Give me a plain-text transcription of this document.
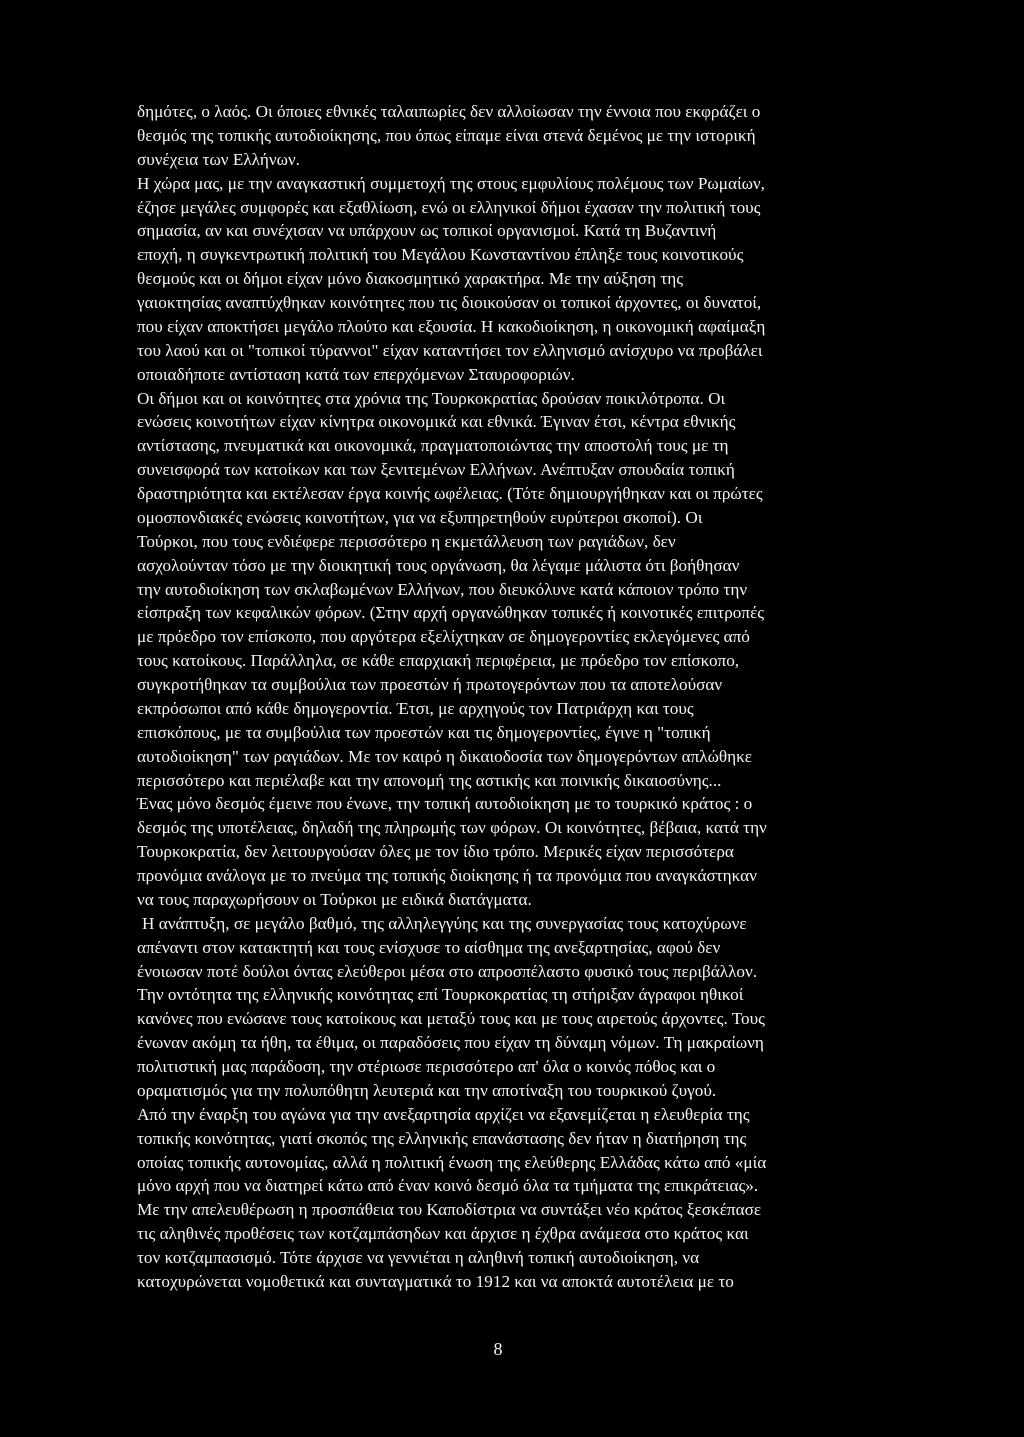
δημότες, ο λαός. Οι όποιες εθνικές ταλαιπωρίες δεν αλλοίωσαν την έννοια που εκφράζει ο
θεσμός της τοπικής αυτοδιοίκησης, που όπως είπαμε είναι στενά δεμένος με την ιστορική
συνέχεια των Ελλήνων.
Η χώρα μας, με την αναγκαστική συμμετοχή της στους εμφυλίους πολέμους των Ρωμαίων,
έζησε μεγάλες συμφορές και εξαθλίωση, ενώ οι ελληνικοί δήμοι έχασαν την πολιτική τους
σημασία, αν και συνέχισαν να υπάρχουν ως τοπικοί οργανισμοί. Κατά τη Βυζαντινή
εποχή, η συγκεντρωτική πολιτική του Μεγάλου Κωνσταντίνου έπληξε τους κοινοτικούς
θεσμούς και οι δήμοι είχαν μόνο διακοσμητικό χαρακτήρα. Με την αύξηση της
γαιοκτησίας αναπτύχθηκαν κοινότητες που τις διοικούσαν οι τοπικοί άρχοντες, οι δυνατοί,
που είχαν αποκτήσει μεγάλο πλούτο και εξουσία. Η κακοδιοίκηση, η οικονομική αφαίμαξη
του λαού και οι "τοπικοί τύραννοι" είχαν καταντήσει τον ελληνισμό ανίσχυρο να προβάλει
οποιαδήποτε αντίσταση κατά των επερχόμενων Σταυροφοριών.
Οι δήμοι και οι κοινότητες στα χρόνια της Τουρκοκρατίας δρούσαν ποικιλότροπα. Οι
ενώσεις κοινοτήτων είχαν κίνητρα οικονομικά και εθνικά. Έγιναν έτσι, κέντρα εθνικής
αντίστασης, πνευματικά και οικονομικά, πραγματοποιώντας την αποστολή τους με τη
συνεισφορά των κατοίκων και των ξενιτεμένων Ελλήνων. Ανέπτυξαν σπουδαία τοπική
δραστηριότητα και εκτέλεσαν έργα κοινής ωφέλειας. (Τότε δημιουργήθηκαν και οι πρώτες
ομοσπονδιακές ενώσεις κοινοτήτων, για να εξυπηρετηθούν ευρύτεροι σκοποί). Οι
Τούρκοι, που τους ενδιέφερε περισσότερο η εκμετάλλευση των ραγιάδων, δεν
ασχολούνταν τόσο με την διοικητική τους οργάνωση, θα λέγαμε μάλιστα ότι βοήθησαν
την αυτοδιοίκηση των σκλαβωμένων Ελλήνων, που διευκόλυνε κατά κάποιον τρόπο την
είσπραξη των κεφαλικών φόρων. (Στην αρχή οργανώθηκαν τοπικές ή κοινοτικές επιτροπές
με πρόεδρο τον επίσκοπο, που αργότερα εξελίχτηκαν σε δημογεροντίες εκλεγόμενες από
τους κατοίκους. Παράλληλα, σε κάθε επαρχιακή περιφέρεια, με πρόεδρο τον επίσκοπο,
συγκροτήθηκαν τα συμβούλια των προεστών ή πρωτογερόντων που τα αποτελούσαν
εκπρόσωποι από κάθε δημογεροντία. Έτσι, με αρχηγούς τον Πατριάρχη και τους
επισκόπους, με τα συμβούλια των προεστών και τις δημογεροντίες, έγινε η "τοπική
αυτοδιοίκηση" των ραγιάδων. Με τον καιρό η δικαιοδοσία των δημογερόντων απλώθηκε
περισσότερο και περιέλαβε και την απονομή της αστικής και ποινικής δικαιοσύνης...
Ένας μόνο δεσμός έμεινε που ένωνε, την τοπική αυτοδιοίκηση με το τουρκικό κράτος : ο
δεσμός της υποτέλειας, δηλαδή της πληρωμής των φόρων. Οι κοινότητες, βέβαια, κατά την
Τουρκοκρατία, δεν λειτουργούσαν όλες με τον ίδιο τρόπο. Μερικές είχαν περισσότερα
προνόμια ανάλογα με το πνεύμα της τοπικής διοίκησης ή τα προνόμια που αναγκάστηκαν
να τους παραχωρήσουν οι Τούρκοι με ειδικά διατάγματα.
Η ανάπτυξη, σε μεγάλο βαθμό, της αλληλεγγύης και της συνεργασίας τους κατοχύρωνε
απέναντι στον κατακτητή και τους ενίσχυσε το αίσθημα της ανεξαρτησίας, αφού δεν
ένοιωσαν ποτέ δούλοι όντας ελεύθεροι μέσα στο απροσπέλαστο φυσικό τους περιβάλλον.
Την οντότητα της ελληνικής κοινότητας επί Τουρκοκρατίας τη στήριξαν άγραφοι ηθικοί
κανόνες που ενώσανε τους κατοίκους και μεταξύ τους και με τους αιρετούς άρχοντες. Τους
ένωναν ακόμη τα ήθη, τα έθιμα, οι παραδόσεις που είχαν τη δύναμη νόμων. Τη μακραίωνη
πολιτιστική μας παράδοση, την στέριωσε περισσότερο απ' όλα ο κοινός πόθος και ο
οραματισμός για την πολυπόθητη λευτεριά και την αποτίναξη του τουρκικού ζυγού.
Από την έναρξη του αγώνα για την ανεξαρτησία αρχίζει να εξανεμίζεται η ελευθερία της
τοπικής κοινότητας, γιατί σκοπός της ελληνικής επανάστασης δεν ήταν η διατήρηση της
οποίας τοπικής αυτονομίας, αλλά η πολιτική ένωση της ελεύθερης Ελλάδας κάτω από «μία
μόνο αρχή που να διατηρεί κάτω από έναν κοινό δεσμό όλα τα τμήματα της επικράτειας».
Με την απελευθέρωση η προσπάθεια του Καποδίστρια να συντάξει νέο κράτος ξεσκέπασε
τις αληθινές προθέσεις των κοτζαμπάσηδων και άρχισε η έχθρα ανάμεσα στο κράτος και
τον κοτζαμπασισμό. Τότε άρχισε να γεννιέται η αληθινή τοπική αυτοδιοίκηση, να
κατοχυρώνεται νομοθετικά και συνταγματικά το 1912 και να αποκτά αυτοτέλεια με το
8
